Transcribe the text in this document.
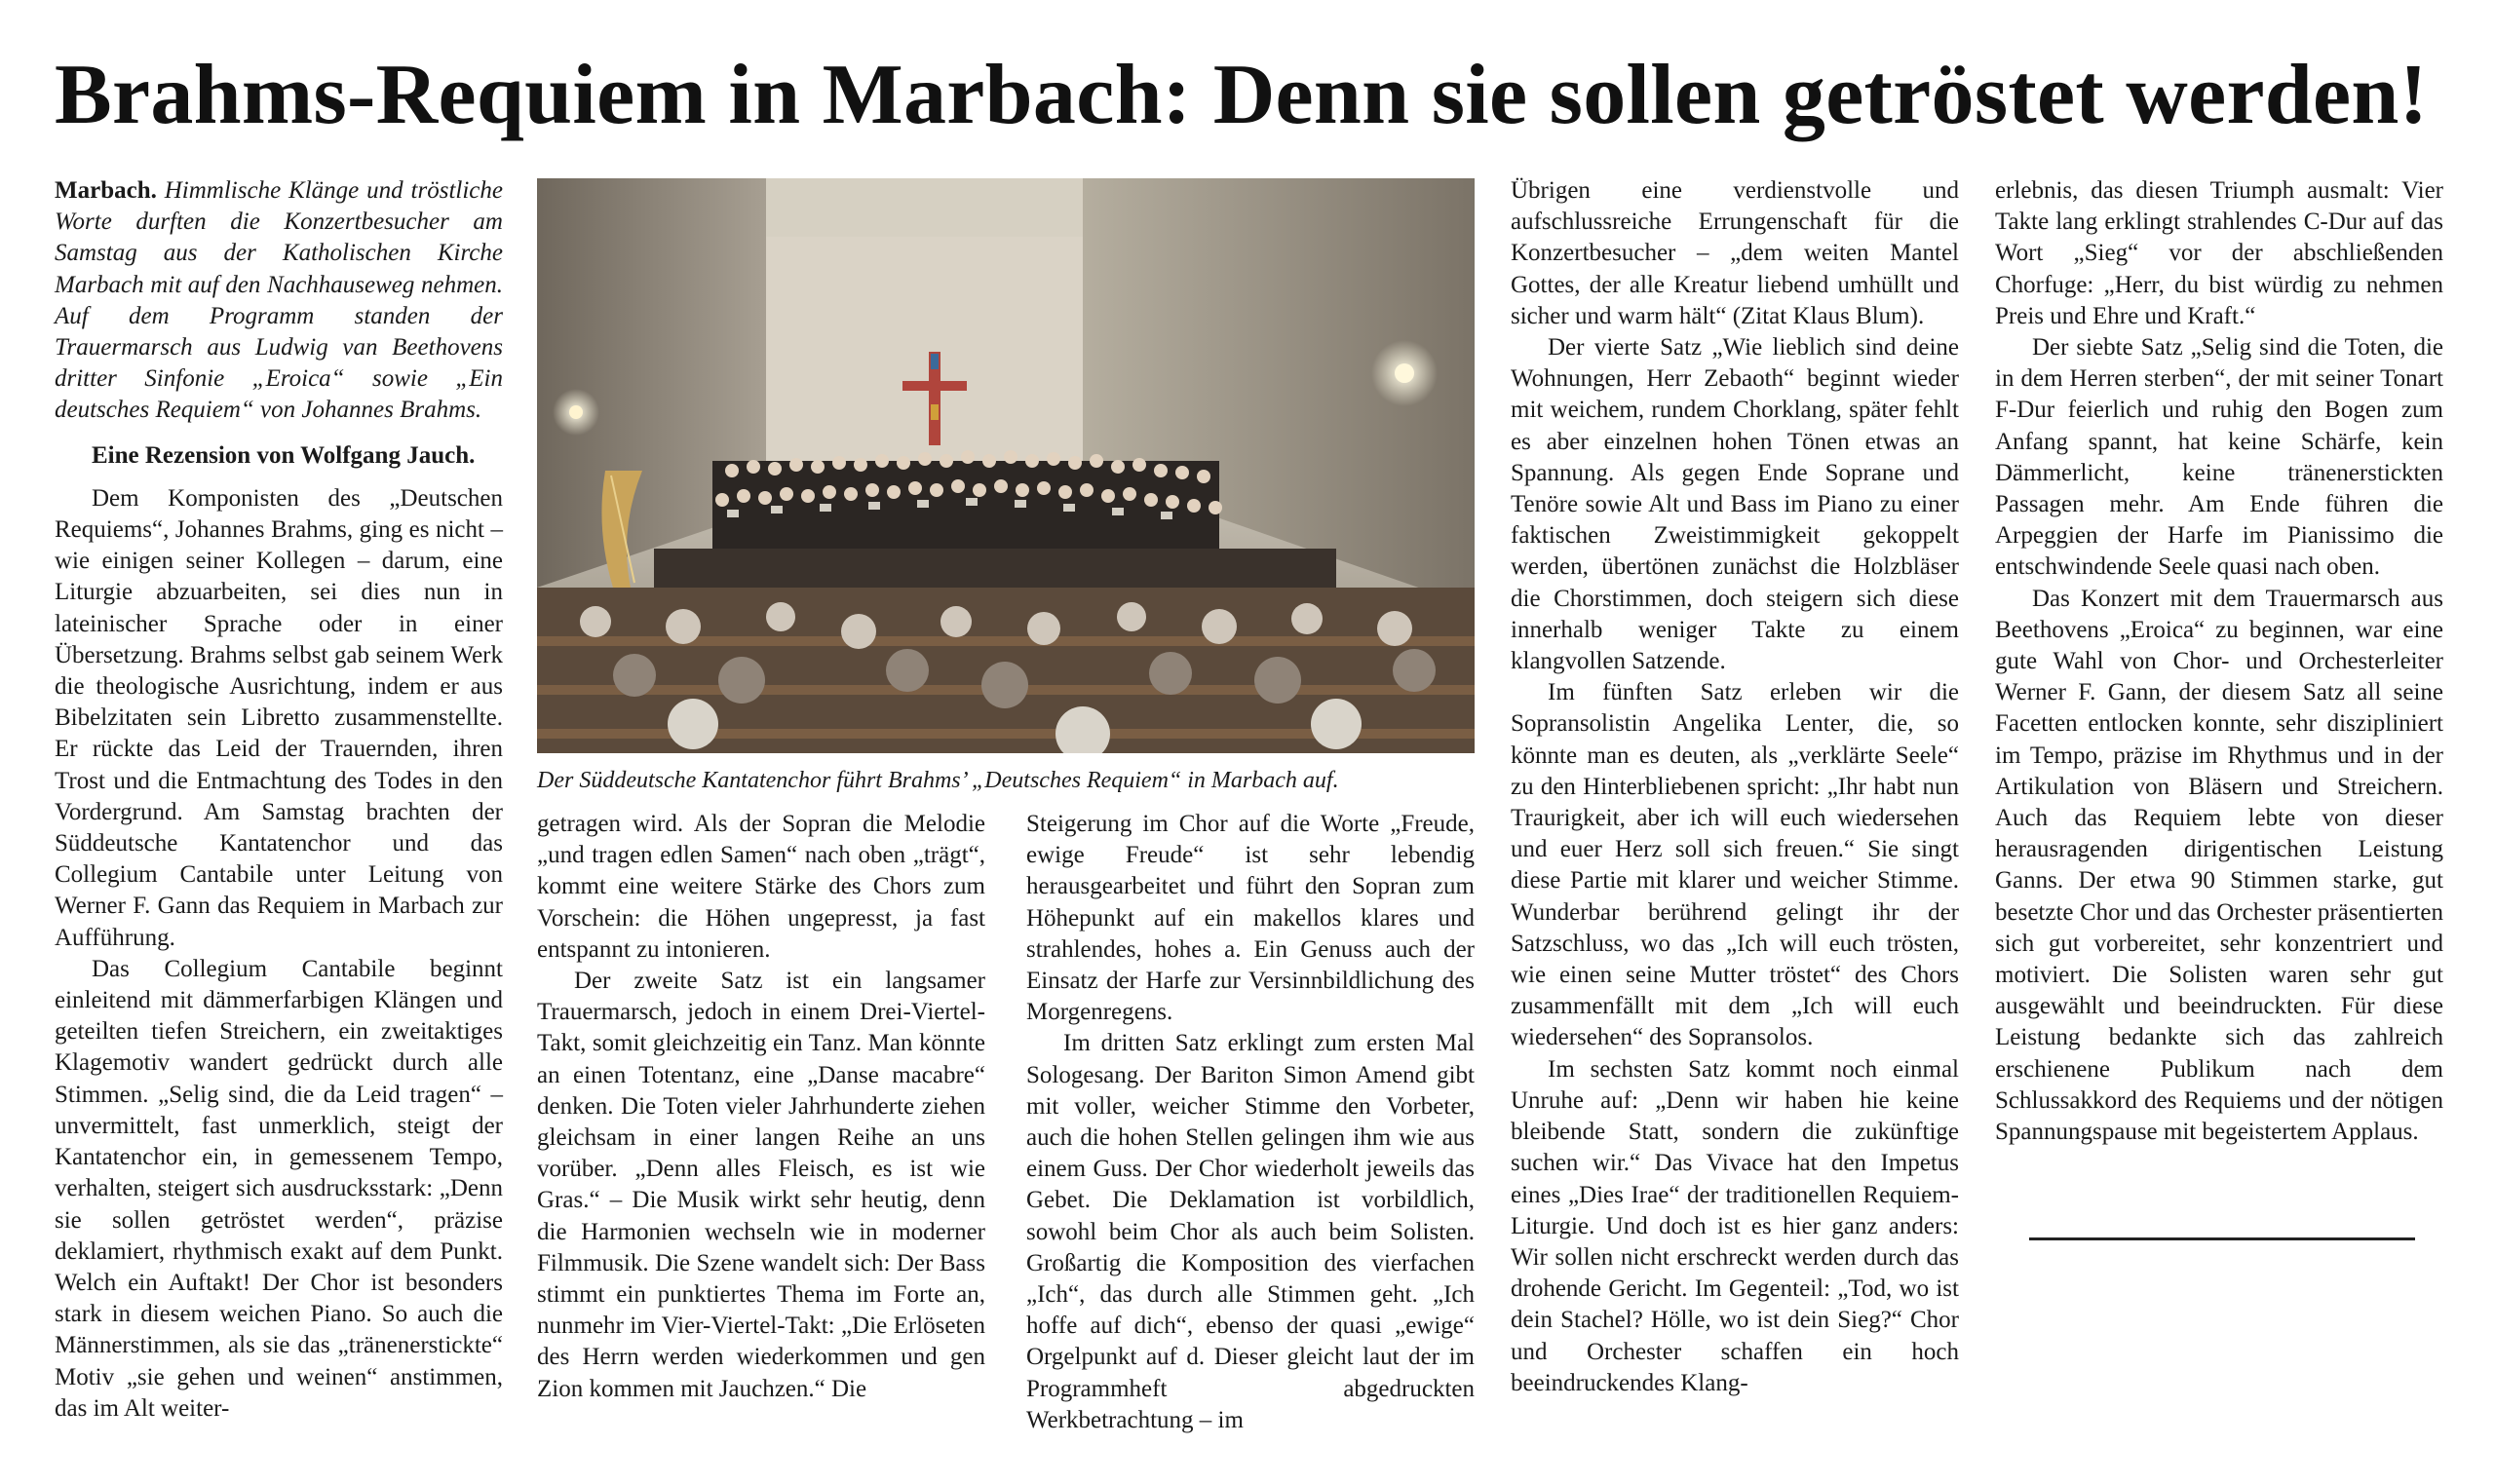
Brahms-Requiem in Marbach: Denn sie sollen getröstet werden!

Marbach. Himmlische Klänge und tröstliche Worte durften die Konzertbesucher am Samstag aus der Katholischen Kirche Marbach mit auf den Nachhauseweg nehmen. Auf dem Programm standen der Trauermarsch aus Ludwig van Beethovens dritter Sinfonie „Eroica“ sowie „Ein deutsches Requiem“ von Johannes Brahms.

Eine Rezension von Wolfgang Jauch.

Dem Komponisten des „Deutschen Requiems“, Johannes Brahms, ging es nicht – wie einigen seiner Kollegen – darum, eine Liturgie abzuarbeiten, sei dies nun in lateinischer Sprache oder in einer Übersetzung. Brahms selbst gab seinem Werk die theologische Ausrichtung, indem er aus Bibelzitaten sein Libretto zusammenstellte. Er rückte das Leid der Trauernden, ihren Trost und die Entmachtung des Todes in den Vordergrund. Am Samstag brachten der Süddeutsche Kantatenchor und das Collegium Cantabile unter Leitung von Werner F. Gann das Requiem in Marbach zur Aufführung.

Das Collegium Cantabile beginnt einleitend mit dämmerfarbigen Klängen und geteilten tiefen Streichern, ein zweitaktiges Klagemotiv wandert gedrückt durch alle Stimmen. „Selig sind, die da Leid tragen“ – unvermittelt, fast unmerklich, steigt der Kantatenchor ein, in gemessenem Tempo, verhalten, steigert sich ausdrucksstark: „Denn sie sollen getröstet werden“, präzise deklamiert, rhythmisch exakt auf dem Punkt. Welch ein Auftakt! Der Chor ist besonders stark in diesem weichen Piano. So auch die Männerstimmen, als sie das „tränenerstickte“ Motiv „sie gehen und weinen“ anstimmen, das im Alt weiter-

Der Süddeutsche Kantatenchor führt Brahms’ „Deutsches Requiem“ in Marbach auf.

getragen wird. Als der Sopran die Melodie „und tragen edlen Samen“ nach oben „trägt“, kommt eine weitere Stärke des Chors zum Vorschein: die Höhen ungepresst, ja fast entspannt zu intonieren.

Der zweite Satz ist ein langsamer Trauermarsch, jedoch in einem Drei-Viertel-Takt, somit gleichzeitig ein Tanz. Man könnte an einen Totentanz, eine „Danse macabre“ denken. Die Toten vieler Jahrhunderte ziehen gleichsam in einer langen Reihe an uns vorüber. „Denn alles Fleisch, es ist wie Gras.“ – Die Musik wirkt sehr heutig, denn die Harmonien wechseln wie in moderner Filmmusik. Die Szene wandelt sich: Der Bass stimmt ein punktiertes Thema im Forte an, nunmehr im Vier-Viertel-Takt: „Die Erlöseten des Herrn werden wiederkommen und gen Zion kommen mit Jauchzen.“ Die

Steigerung im Chor auf die Worte „Freude, ewige Freude“ ist sehr lebendig herausgearbeitet und führt den Sopran zum Höhepunkt auf ein makellos klares und strahlendes, hohes a. Ein Genuss auch der Einsatz der Harfe zur Versinnbildlichung des Morgenregens.

Im dritten Satz erklingt zum ersten Mal Sologesang. Der Bariton Simon Amend gibt mit voller, weicher Stimme den Vorbeter, auch die hohen Stellen gelingen ihm wie aus einem Guss. Der Chor wiederholt jeweils das Gebet. Die Deklamation ist vorbildlich, sowohl beim Chor als auch beim Solisten. Großartig die Komposition des vierfachen „Ich“, das durch alle Stimmen geht. „Ich hoffe auf dich“, ebenso der quasi „ewige“ Orgelpunkt auf d. Dieser gleicht laut der im Programmheft abgedruckten Werkbetrachtung – im

Übrigen eine verdienstvolle und aufschlussreiche Errungenschaft für die Konzertbesucher – „dem weiten Mantel Gottes, der alle Kreatur liebend umhüllt und sicher und warm hält“ (Zitat Klaus Blum).

Der vierte Satz „Wie lieblich sind deine Wohnungen, Herr Zebaoth“ beginnt wieder mit weichem, rundem Chorklang, später fehlt es aber einzelnen hohen Tönen etwas an Spannung. Als gegen Ende Soprane und Tenöre sowie Alt und Bass im Piano zu einer faktischen Zweistimmigkeit gekoppelt werden, übertönen zunächst die Holzbläser die Chorstimmen, doch steigern sich diese innerhalb weniger Takte zu einem klangvollen Satzende.

Im fünften Satz erleben wir die Sopransolistin Angelika Lenter, die, so könnte man es deuten, als „verklärte Seele“ zu den Hinterbliebenen spricht: „Ihr habt nun Traurigkeit, aber ich will euch wiedersehen und euer Herz soll sich freuen.“ Sie singt diese Partie mit klarer und weicher Stimme. Wunderbar berührend gelingt ihr der Satzschluss, wo das „Ich will euch trösten, wie einen seine Mutter tröstet“ des Chors zusammenfällt mit dem „Ich will euch wiedersehen“ des Sopransolos.

Im sechsten Satz kommt noch einmal Unruhe auf: „Denn wir haben hie keine bleibende Statt, sondern die zukünftige suchen wir.“ Das Vivace hat den Impetus eines „Dies Irae“ der traditionellen Requiem-Liturgie. Und doch ist es hier ganz anders: Wir sollen nicht erschreckt werden durch das drohende Gericht. Im Gegenteil: „Tod, wo ist dein Stachel? Hölle, wo ist dein Sieg?“ Chor und Orchester schaffen ein hoch beeindruckendes Klang-

erlebnis, das diesen Triumph ausmalt: Vier Takte lang erklingt strahlendes C-Dur auf das Wort „Sieg“ vor der abschließenden Chorfuge: „Herr, du bist würdig zu nehmen Preis und Ehre und Kraft.“

Der siebte Satz „Selig sind die Toten, die in dem Herren sterben“, der mit seiner Tonart F-Dur feierlich und ruhig den Bogen zum Anfang spannt, hat keine Schärfe, kein Dämmerlicht, keine tränenerstickten Passagen mehr. Am Ende führen die Arpeggien der Harfe im Pianissimo die entschwindende Seele quasi nach oben.

Das Konzert mit dem Trauermarsch aus Beethovens „Eroica“ zu beginnen, war eine gute Wahl von Chor- und Orchesterleiter Werner F. Gann, der diesem Satz all seine Facetten entlocken konnte, sehr diszipliniert im Tempo, präzise im Rhythmus und in der Artikulation von Bläsern und Streichern. Auch das Requiem lebte von dieser herausragenden dirigentischen Leistung Ganns. Der etwa 90 Stimmen starke, gut besetzte Chor und das Orchester präsentierten sich gut vorbereitet, sehr konzentriert und motiviert. Die Solisten waren sehr gut ausgewählt und beeindruckten. Für diese Leistung bedankte sich das zahlreich erschienene Publikum nach dem Schlussakkord des Requiems und der nötigen Spannungspause mit begeistertem Applaus.
